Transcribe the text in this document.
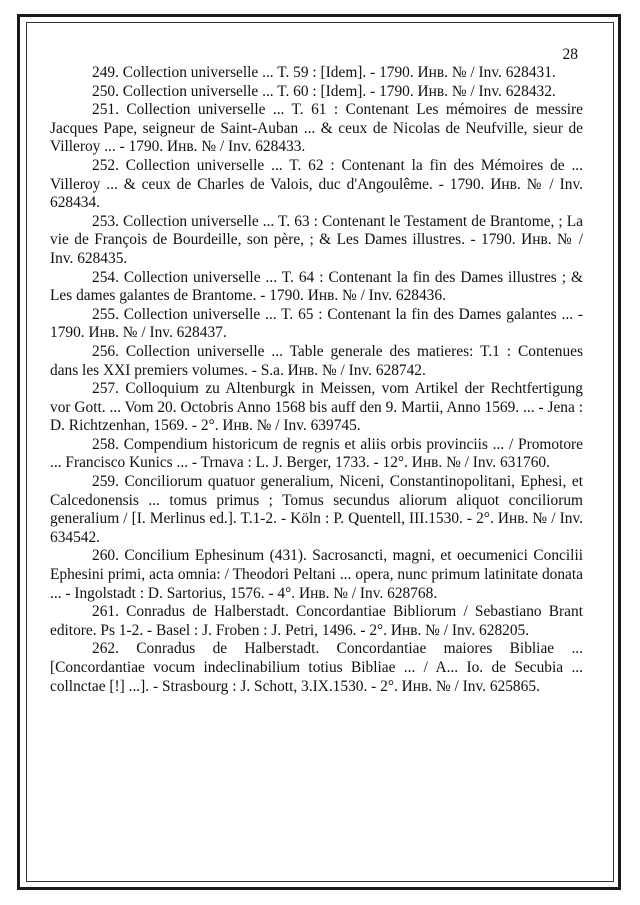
28

249. Collection universelle ... T. 59 : [Idem]. - 1790. Инв. № / Inv. 628431.

250. Collection universelle ... T. 60 : [Idem]. - 1790. Инв. № / Inv. 628432.

251. Collection universelle ... T. 61 : Contenant Les mémoires de messire Jacques Pape, seigneur de Saint-Auban ... & ceux de Nicolas de Neufville, sieur de Villeroy ... - 1790. Инв. № / Inv. 628433.

252. Collection universelle ... T. 62 : Contenant la fin des Mémoires de ... Villeroy ... & ceux de Charles de Valois, duc d'Angoulême. - 1790. Инв. № / Inv. 628434.

253. Collection universelle ... T. 63 : Contenant le Testament de Brantome, ; La vie de François de Bourdeille, son père, ; & Les Dames illustres. - 1790. Инв. № / Inv. 628435.

254. Collection universelle ... T. 64 : Contenant la fin des Dames illustres ; & Les dames galantes de Brantome. - 1790. Инв. № / Inv. 628436.

255. Collection universelle ... T. 65 : Contenant la fin des Dames galantes ... - 1790. Инв. № / Inv. 628437.

256. Collection universelle ... Table generale des matieres: T.1 : Contenues dans les XXI premiers volumes. - S.a. Инв. № / Inv. 628742.

257. Colloquium zu Altenburgk in Meissen, vom Artikel der Rechtfertigung vor Gott. ... Vom 20. Octobris Anno 1568 bis auff den 9. Martii, Anno 1569. ... - Jena : D. Richtzenhan, 1569. - 2°. Инв. № / Inv. 639745.

258. Compendium historicum de regnis et aliis orbis provinciis ... / Promotore ... Francisco Kunics ... - Trnava : L. J. Berger, 1733. - 12°. Инв. № / Inv. 631760.

259. Conciliorum quatuor generalium, Niceni, Constantinopolitani, Ephesi, et Calcedonensis ... tomus primus ; Tomus secundus aliorum aliquot conciliorum generalium / [I. Merlinus ed.]. T.1-2. - Köln : P. Quentell, III.1530. - 2°. Инв. № / Inv. 634542.

260. Concilium Ephesinum (431). Sacrosancti, magni, et oecumenici Concilii Ephesini primi, acta omnia: / Theodori Peltani ... opera, nunc primum latinitate donata ... - Ingolstadt : D. Sartorius, 1576. - 4°. Инв. № / Inv. 628768.

261. Conradus de Halberstadt. Concordantiae Bibliorum / Sebastiano Brant editore. Ps 1-2. - Basel : J. Froben : J. Petri, 1496. - 2°. Инв. № / Inv. 628205.

262. Conradus de Halberstadt. Concordantiae maiores Bibliae ... [Concordantiae vocum indeclinabilium totius Bibliae ... / A... Io. de Secubia ... collnctae [!] ...]. - Strasbourg : J. Schott, 3.IX.1530. - 2°. Инв. № / Inv. 625865.
